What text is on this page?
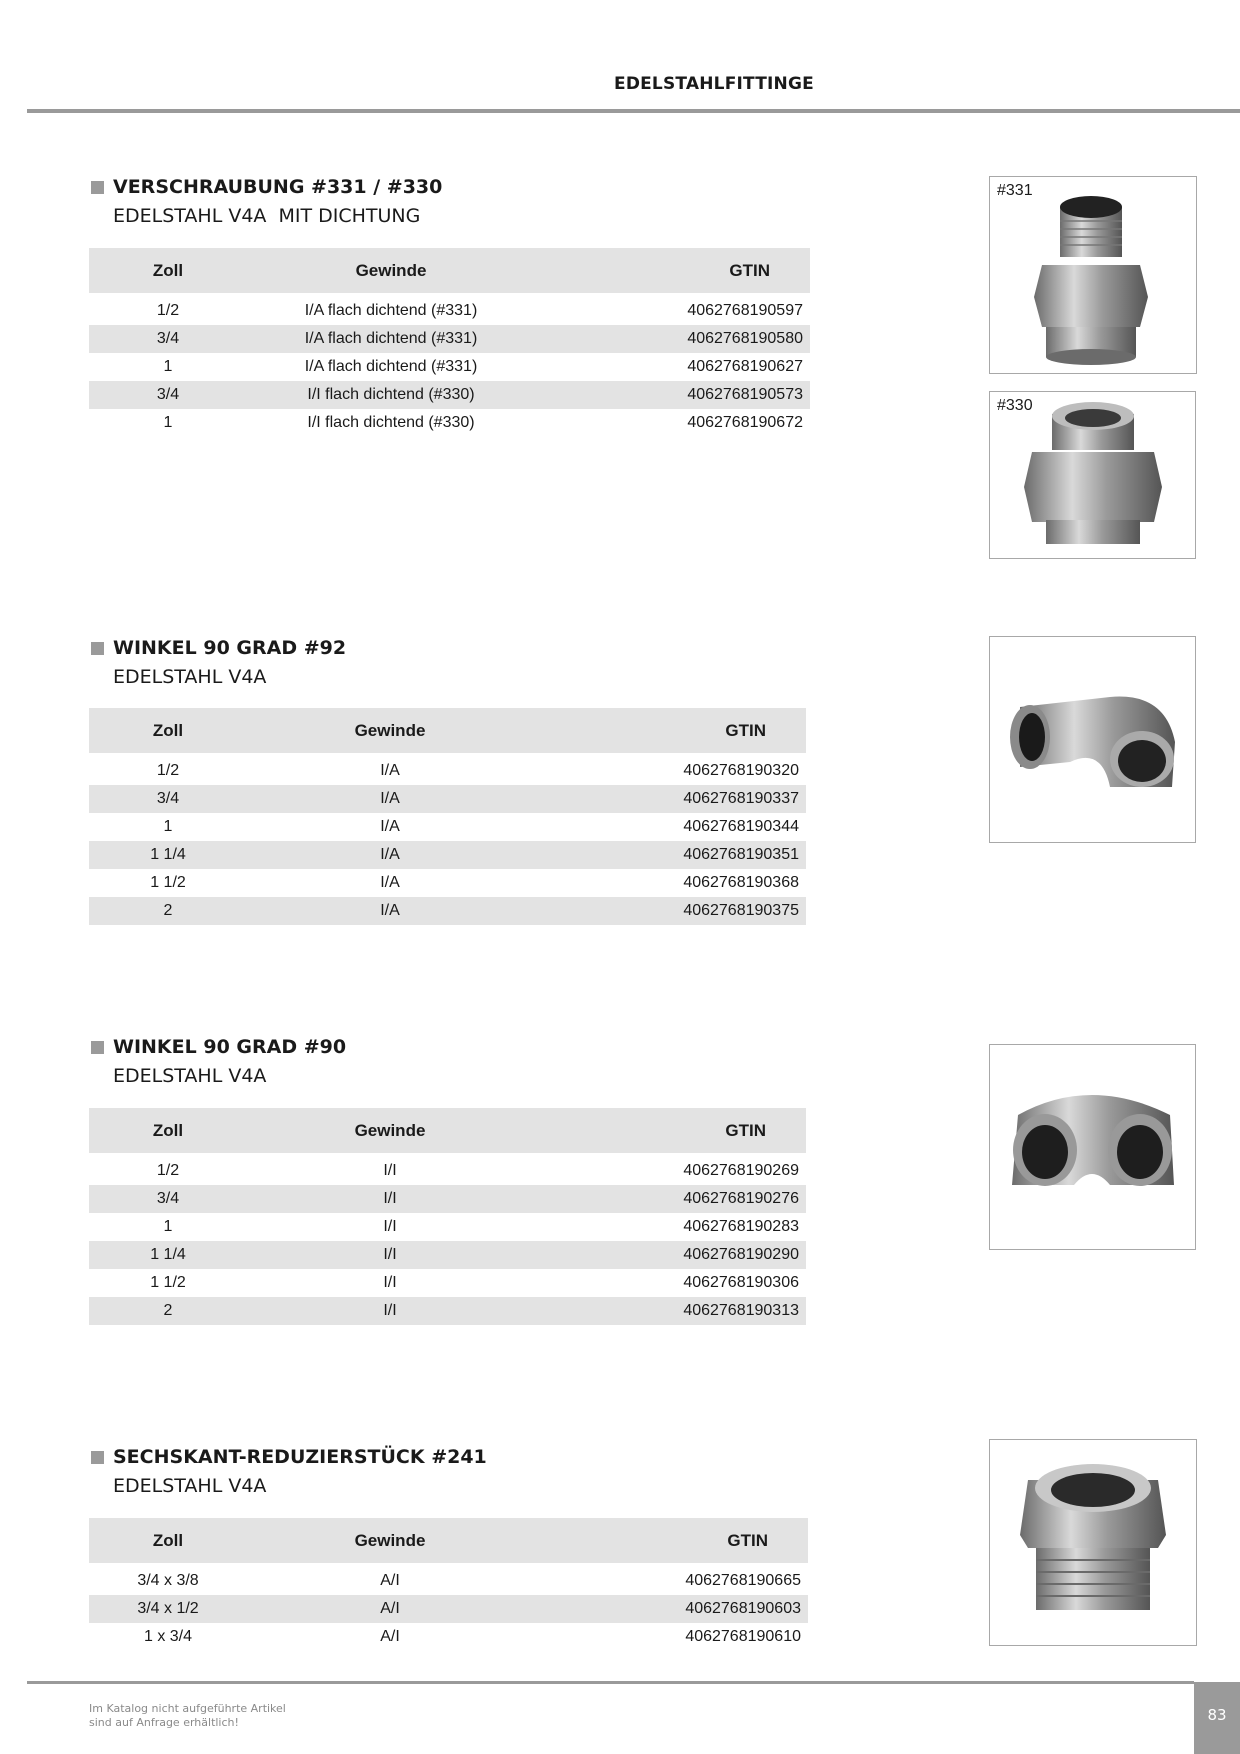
EDELSTAHLFITTINGE
VERSCHRAUBUNG #331 / #330
EDELSTAHL V4A  MIT DICHTUNG
Zoll	Gewinde	GTIN

1/2	I/A flach dichtend (#331)	4062768190597
3/4	I/A flach dichtend (#331)	4062768190580
1	I/A flach dichtend (#331)	4062768190627
3/4	I/I flach dichtend (#330)	4062768190573
1	I/I flach dichtend (#330)	4062768190672
#331
#330
WINKEL 90 GRAD #92
EDELSTAHL V4A
Zoll	Gewinde	GTIN

1/2	I/A	4062768190320
3/4	I/A	4062768190337
1	I/A	4062768190344
1 1/4	I/A	4062768190351
1 1/2	I/A	4062768190368
2	I/A	4062768190375
WINKEL 90 GRAD #90
EDELSTAHL V4A
Zoll	Gewinde	GTIN

1/2	I/I	4062768190269
3/4	I/I	4062768190276
1	I/I	4062768190283
1 1/4	I/I	4062768190290
1 1/2	I/I	4062768190306
2	I/I	4062768190313
SECHSKANT-REDUZIERSTÜCK #241
EDELSTAHL V4A
Zoll	Gewinde	GTIN

3/4 x 3/8	A/I	4062768190665
3/4 x 1/2	A/I	4062768190603
1 x 3/4	A/I	4062768190610
Im Katalog nicht aufgeführte Artikel
sind auf Anfrage erhältlich!	83
